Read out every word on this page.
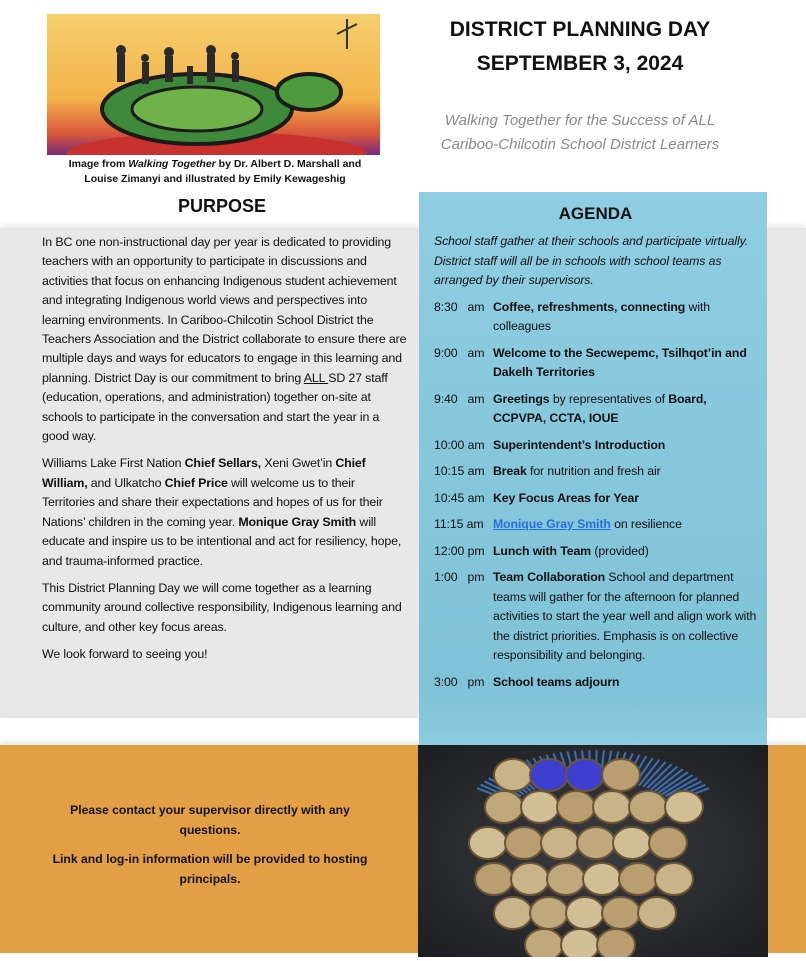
Image from Walking Together by Dr. Albert D. Marshall and
Louise Zimanyi and illustrated by Emily Kewageshig
PURPOSE

In BC one non-instructional day per year is dedicated to providing teachers with an opportunity to participate in discussions and activities that focus on enhancing Indigenous student achievement and integrating Indigenous world views and perspectives into learning environments. In Cariboo-Chilcotin School District the Teachers Association and the District collaborate to ensure there are multiple days and ways for educators to engage in this learning and planning. District Day is our commitment to bring ALL SD 27 staff (education, operations, and administration) together on-site at schools to participate in the conversation and start the year in a good way.

Williams Lake First Nation Chief Sellars, Xeni Gwet’in Chief William, and Ulkatcho Chief Price will welcome us to their Territories and share their expectations and hopes of us for their Nations’ children in the coming year. Monique Gray Smith will educate and inspire us to be intentional and act for resiliency, hope, and trauma-informed practice.

This District Planning Day we will come together as a learning community around collective responsibility, Indigenous learning and culture, and other key focus areas.

We look forward to seeing you!

DISTRICT PLANNING DAY
SEPTEMBER 3, 2024
Walking Together for the Success of ALL
Cariboo-Chilcotin School District Learners
AGENDA
School staff gather at their schools and participate virtually. District staff will all be in schools with school teams as arranged by their supervisors.
8:30   am Coffee, refreshments, connecting with colleagues
9:00   am Welcome to the Secwepemc, Tsilhqot’in and Dakelh Territories
9:40   am Greetings by representatives of Board, CCPVPA, CCTA, IOUE
10:00 am Superintendent’s Introduction
10:15 am Break for nutrition and fresh air
10:45 am Key Focus Areas for Year
11:15 am Monique Gray Smith on resilience
12:00 pm Lunch with Team (provided)
1:00   pm Team Collaboration School and department teams will gather for the afternoon for planned activities to start the year well and align work with the district priorities. Emphasis is on collective responsibility and belonging.
3:00   pm School teams adjourn

Please contact your supervisor directly with any questions.

Link and log-in information will be provided to hosting principals.
